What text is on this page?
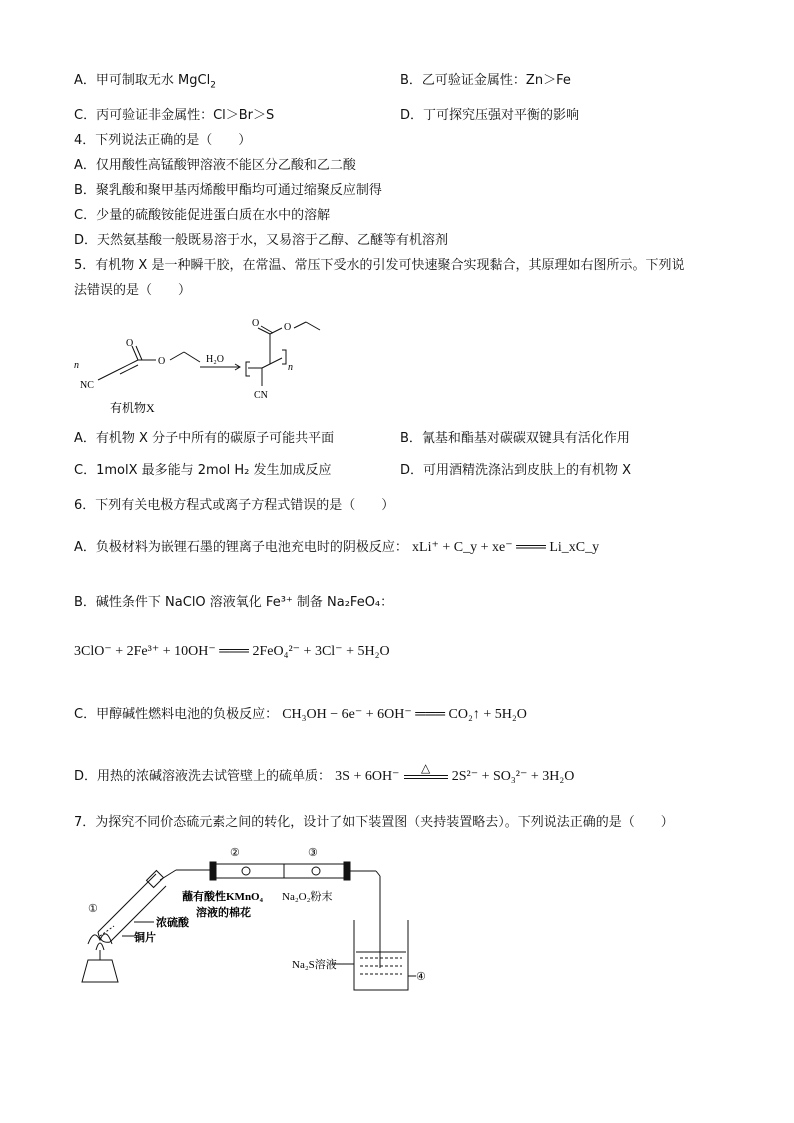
A．甲可制取无水 MgCl$_2$	B．乙可验证金属性：Zn＞Fe
C．丙可验证非金属性：Cl＞Br＞S	D．丁可探究压强对平衡的影响
4．下列说法正确的是（　　）
A．仅用酸性高锰酸钾溶液不能区分乙酸和乙二酸
B．聚乳酸和聚甲基丙烯酸甲酯均可通过缩聚反应制得
C．少量的硫酸铵能促进蛋白质在水中的溶解
D．天然氨基酸一般既易溶于水，又易溶于乙醇、乙醚等有机溶剂
5．有机物 X 是一种瞬干胶，在常温、常压下受水的引发可快速聚合实现黏合，其原理如右图所示。下列说
法错误的是（　　）
n
NC
O
O	H₂O
O O
n
CN
有机物X
A．有机物 X 分子中所有的碳原子可能共平面	B．氰基和酯基对碳碳双键具有活化作用
C．1molX 最多能与 2mol H₂ 发生加成反应	D．可用酒精洗涤沾到皮肤上的有机物 X
6．下列有关电极方程式或离子方程式错误的是（　　）
A．负极材料为嵌锂石墨的锂离子电池充电时的阴极反应： xLi⁺ + C_y + xe⁻ ═══ Li_xC_y
B．碱性条件下 NaClO 溶液氧化 Fe³⁺ 制备 Na₂FeO₄：
3ClO⁻ + 2Fe³⁺ + 10OH⁻ ═══ 2FeO₄²⁻ + 3Cl⁻ + 5H₂O
C．甲醇碱性燃料电池的负极反应： CH₃OH − 6e⁻ + 6OH⁻ ═══ CO₂↑ + 5H₂O
D．用热的浓碱溶液洗去试管壁上的硫单质： 3S + 6OH⁻
△
2S²⁻ + SO₃²⁻ + 3H₂O
7．为探究不同价态硫元素之间的转化，设计了如下装置图（夹持装置略去）。下列说法正确的是（　　）
①
②	③
④
蘸有酸性KMnO₄
溶液的棉花
Na₂O₂粉末
浓硫酸
铜片
Na₂S溶液
